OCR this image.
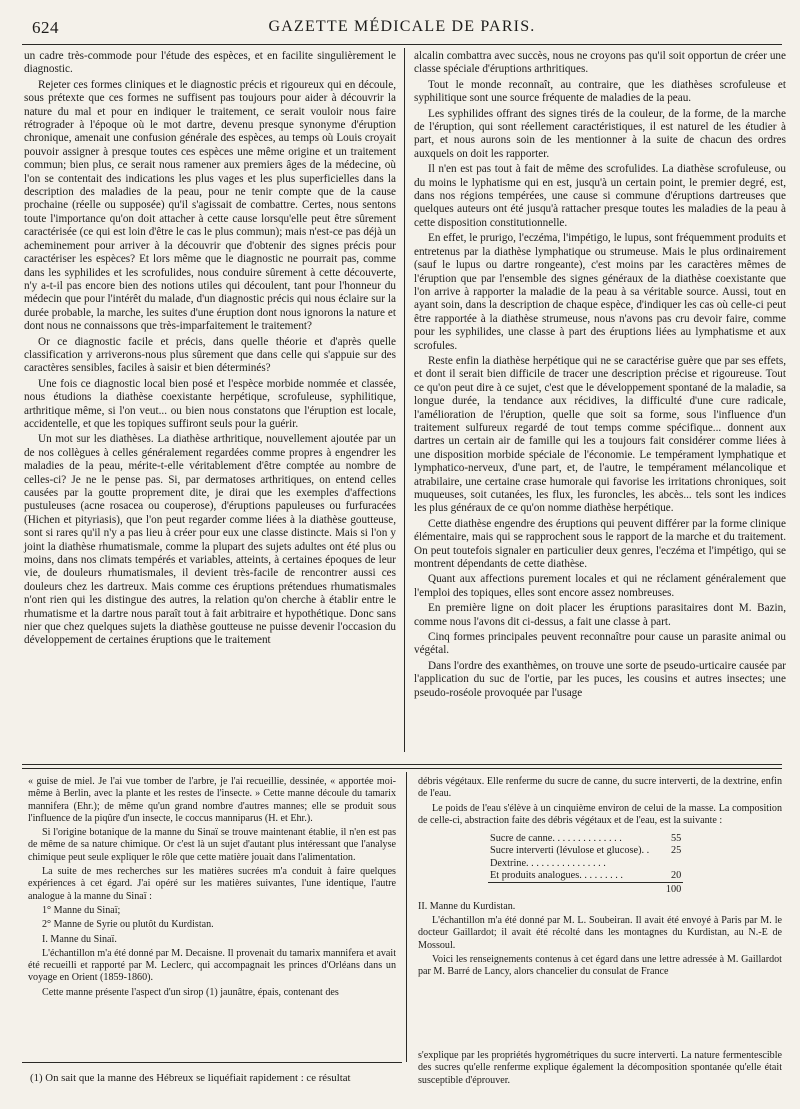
624	GAZETTE MÉDICALE DE PARIS.

un cadre très-commode pour l'étude des espèces, et en facilite singulièrement le diagnostic.

Rejeter ces formes cliniques et le diagnostic précis et rigoureux qui en découle, sous prétexte que ces formes ne suffisent pas toujours pour aider à découvrir la nature du mal et pour en indiquer le traitement, ce serait vouloir nous faire rétrograder à l'époque où le mot dartre, devenu presque synonyme d'éruption chronique, amenait une confusion générale des espèces, au temps où Louis croyait pouvoir assigner à presque toutes ces espèces une même origine et un traitement commun; bien plus, ce serait nous ramener aux premiers âges de la médecine, où l'on se contentait des indications les plus vages et les plus superficielles dans la description des maladies de la peau, pour ne tenir compte que de la cause prochaine (réelle ou supposée) qu'il s'agissait de combattre. Certes, nous sentons toute l'importance qu'on doit attacher à cette cause lorsqu'elle peut être sûrement caractérisée (ce qui est loin d'être le cas le plus commun); mais n'est-ce pas déjà un acheminement pour arriver à la découvrir que d'obtenir des signes précis pour caractériser les espèces? Et lors même que le diagnostic ne pourrait pas, comme dans les syphilides et les scrofulides, nous conduire sûrement à cette découverte, n'y a-t-il pas encore bien des notions utiles qui découlent, tant pour l'honneur du médecin que pour l'intérêt du malade, d'un diagnostic précis qui nous éclaire sur la durée probable, la marche, les suites d'une éruption dont nous ignorons la nature et dont nous ne connaissons que très-imparfaitement le traitement?

Or ce diagnostic facile et précis, dans quelle théorie et d'après quelle classification y arriverons-nous plus sûrement que dans celle qui s'appuie sur des caractères sensibles, faciles à saisir et bien déterminés?

Une fois ce diagnostic local bien posé et l'espèce morbide nommée et classée, nous étudions la diathèse coexistante herpétique, scrofuleuse, syphilitique, arthritique même, si l'on veut... ou bien nous constatons que l'éruption est locale, accidentelle, et que les topiques suffiront seuls pour la guérir.

Un mot sur les diathèses. La diathèse arthritique, nouvellement ajoutée par un de nos collègues à celles généralement regardées comme propres à engendrer les maladies de la peau, mérite-t-elle véritablement d'être comptée au nombre de celles-ci? Je ne le pense pas. Si, par dermatoses arthritiques, on entend celles causées par la goutte proprement dite, je dirai que les exemples d'affections pustuleuses (acne rosacea ou couperose), d'éruptions papuleuses ou furfuracées (Hichen et pityriasis), que l'on peut regarder comme liées à la diathèse goutteuse, sont si rares qu'il n'y a pas lieu à créer pour eux une classe distincte. Mais si l'on y joint la diathèse rhumatismale, comme la plupart des sujets adultes ont été plus ou moins, dans nos climats tempérés et variables, atteints, à certaines époques de leur vie, de douleurs rhumatismales, il devient très-facile de rencontrer aussi ces douleurs chez les dartreux. Mais comme ces éruptions prétendues rhumatismales n'ont rien qui les distingue des autres, la relation qu'on cherche à établir entre le rhumatisme et la dartre nous paraît tout à fait arbitraire et hypothétique. Donc sans nier que chez quelques sujets la diathèse goutteuse ne puisse devenir l'occasion du développement de certaines éruptions que le traitement

alcalin combattra avec succès, nous ne croyons pas qu'il soit opportun de créer une classe spéciale d'éruptions arthritiques.

Tout le monde reconnaît, au contraire, que les diathèses scrofuleuse et syphilitique sont une source fréquente de maladies de la peau.

Les syphilides offrant des signes tirés de la couleur, de la forme, de la marche de l'éruption, qui sont réellement caractéristiques, il est naturel de les étudier à part, et nous aurons soin de les mentionner à la suite de chacun des ordres auxquels on doit les rapporter.

Il n'en est pas tout à fait de même des scrofulides. La diathèse scrofuleuse, ou du moins le lyphatisme qui en est, jusqu'à un certain point, le premier degré, est, dans nos régions tempérées, une cause si commune d'éruptions dartreuses que quelques auteurs ont été jusqu'à rattacher presque toutes les maladies de la peau à cette disposition constitutionnelle.

En effet, le prurigo, l'eczéma, l'impétigo, le lupus, sont fréquemment produits et entretenus par la diathèse lymphatique ou strumeuse. Mais le plus ordinairement (sauf le lupus ou dartre rongeante), c'est moins par les caractères mêmes de l'éruption que par l'ensemble des signes généraux de la diathèse coexistante que l'on arrive à rapporter la maladie de la peau à sa véritable source. Aussi, tout en ayant soin, dans la description de chaque espèce, d'indiquer les cas où celle-ci peut être rapportée à la diathèse strumeuse, nous n'avons pas cru devoir faire, comme pour les syphilides, une classe à part des éruptions liées au lymphatisme et aux scrofules.

Reste enfin la diathèse herpétique qui ne se caractérise guère que par ses effets, et dont il serait bien difficile de tracer une description précise et rigoureuse. Tout ce qu'on peut dire à ce sujet, c'est que le développement spontané de la maladie, sa longue durée, la tendance aux récidives, la difficulté d'une cure radicale, l'amélioration de l'éruption, quelle que soit sa forme, sous l'influence d'un traitement sulfureux regardé de tout temps comme spécifique... donnent aux dartres un certain air de famille qui les a toujours fait considérer comme liées à une disposition morbide spéciale de l'économie. Le tempérament lymphatique et lymphatico-nerveux, d'une part, et, de l'autre, le tempérament mélancolique et atrabilaire, une certaine crase humorale qui favorise les irritations chroniques, soit muqueuses, soit cutanées, les flux, les furoncles, les abcès... tels sont les indices les plus généraux de ce qu'on nomme diathèse herpétique.

Cette diathèse engendre des éruptions qui peuvent différer par la forme clinique élémentaire, mais qui se rapprochent sous le rapport de la marche et du traitement. On peut toutefois signaler en particulier deux genres, l'eczéma et l'impétigo, qui se montrent dépendants de cette diathèse.

Quant aux affections purement locales et qui ne réclament généralement que l'emploi des topiques, elles sont encore assez nombreuses.

En première ligne on doit placer les éruptions parasitaires dont M. Bazin, comme nous l'avons dit ci-dessus, a fait une classe à part.

Cinq formes principales peuvent reconnaître pour cause un parasite animal ou végétal.

Dans l'ordre des exanthèmes, on trouve une sorte de pseudo-urticaire causée par l'application du suc de l'ortie, par les puces, les cousins et autres insectes; une pseudo-roséole provoquée par l'usage

« guise de miel. Je l'ai vue tomber de l'arbre, je l'ai recueillie, dessinée, « apportée moi-même à Berlin, avec la plante et les restes de l'insecte. » Cette manne découle du tamarix mannifera (Ehr.); de même qu'un grand nombre d'autres mannes; elle se produit sous l'influence de la piqûre d'un insecte, le coccus manniparus (H. et Ehr.).

Si l'origine botanique de la manne du Sinaï se trouve maintenant établie, il n'en est pas de même de sa nature chimique. Or c'est là un sujet d'autant plus intéressant que l'analyse chimique peut seule expliquer le rôle que cette matière jouait dans l'alimentation.

La suite de mes recherches sur les matières sucrées m'a conduit à faire quelques expériences à cet égard. J'ai opéré sur les matières suivantes, l'une identique, l'autre analogue à la manne du Sinaï :

1° Manne du Sinaï;

2° Manne de Syrie ou plutôt du Kurdistan.

I. Manne du Sinaï.

L'échantillon m'a été donné par M. Decaisne. Il provenait du tamarix mannifera et avait été recueilli et rapporté par M. Leclerc, qui accompagnait les princes d'Orléans dans un voyage en Orient (1859-1860).

Cette manne présente l'aspect d'un sirop (1) jaunâtre, épais, contenant des

débris végétaux. Elle renferme du sucre de canne, du sucre interverti, de la dextrine, enfin de l'eau.

Le poids de l'eau s'élève à un cinquième environ de celui de la masse. La composition de celle-ci, abstraction faite des débris végétaux et de l'eau, est la suivante :

Sucre de canne. . . . . . . . . . . . . .	55
Sucre interverti (lévulose et glucose). .	25
Dextrine. . . . . . . . . . . . . . . .	
Et produits analogues. . . . . . . . .	20
	100

II. Manne du Kurdistan.

L'échantillon m'a été donné par M. L. Soubeiran. Il avait été envoyé à Paris par M. le docteur Gaillardot; il avait été récolté dans les montagnes du Kurdistan, au N.-E de Mossoul.

Voici les renseignements contenus à cet égard dans une lettre adressée à M. Gaillardot par M. Barré de Lancy, alors chancelier du consulat de France

(1) On sait que la manne des Hébreux se liquéfiait rapidement : ce résultat
s'explique par les propriétés hygrométriques du sucre interverti. La nature fermentescible des sucres qu'elle renferme explique également la décomposition spontanée qu'elle était susceptible d'éprouver.
